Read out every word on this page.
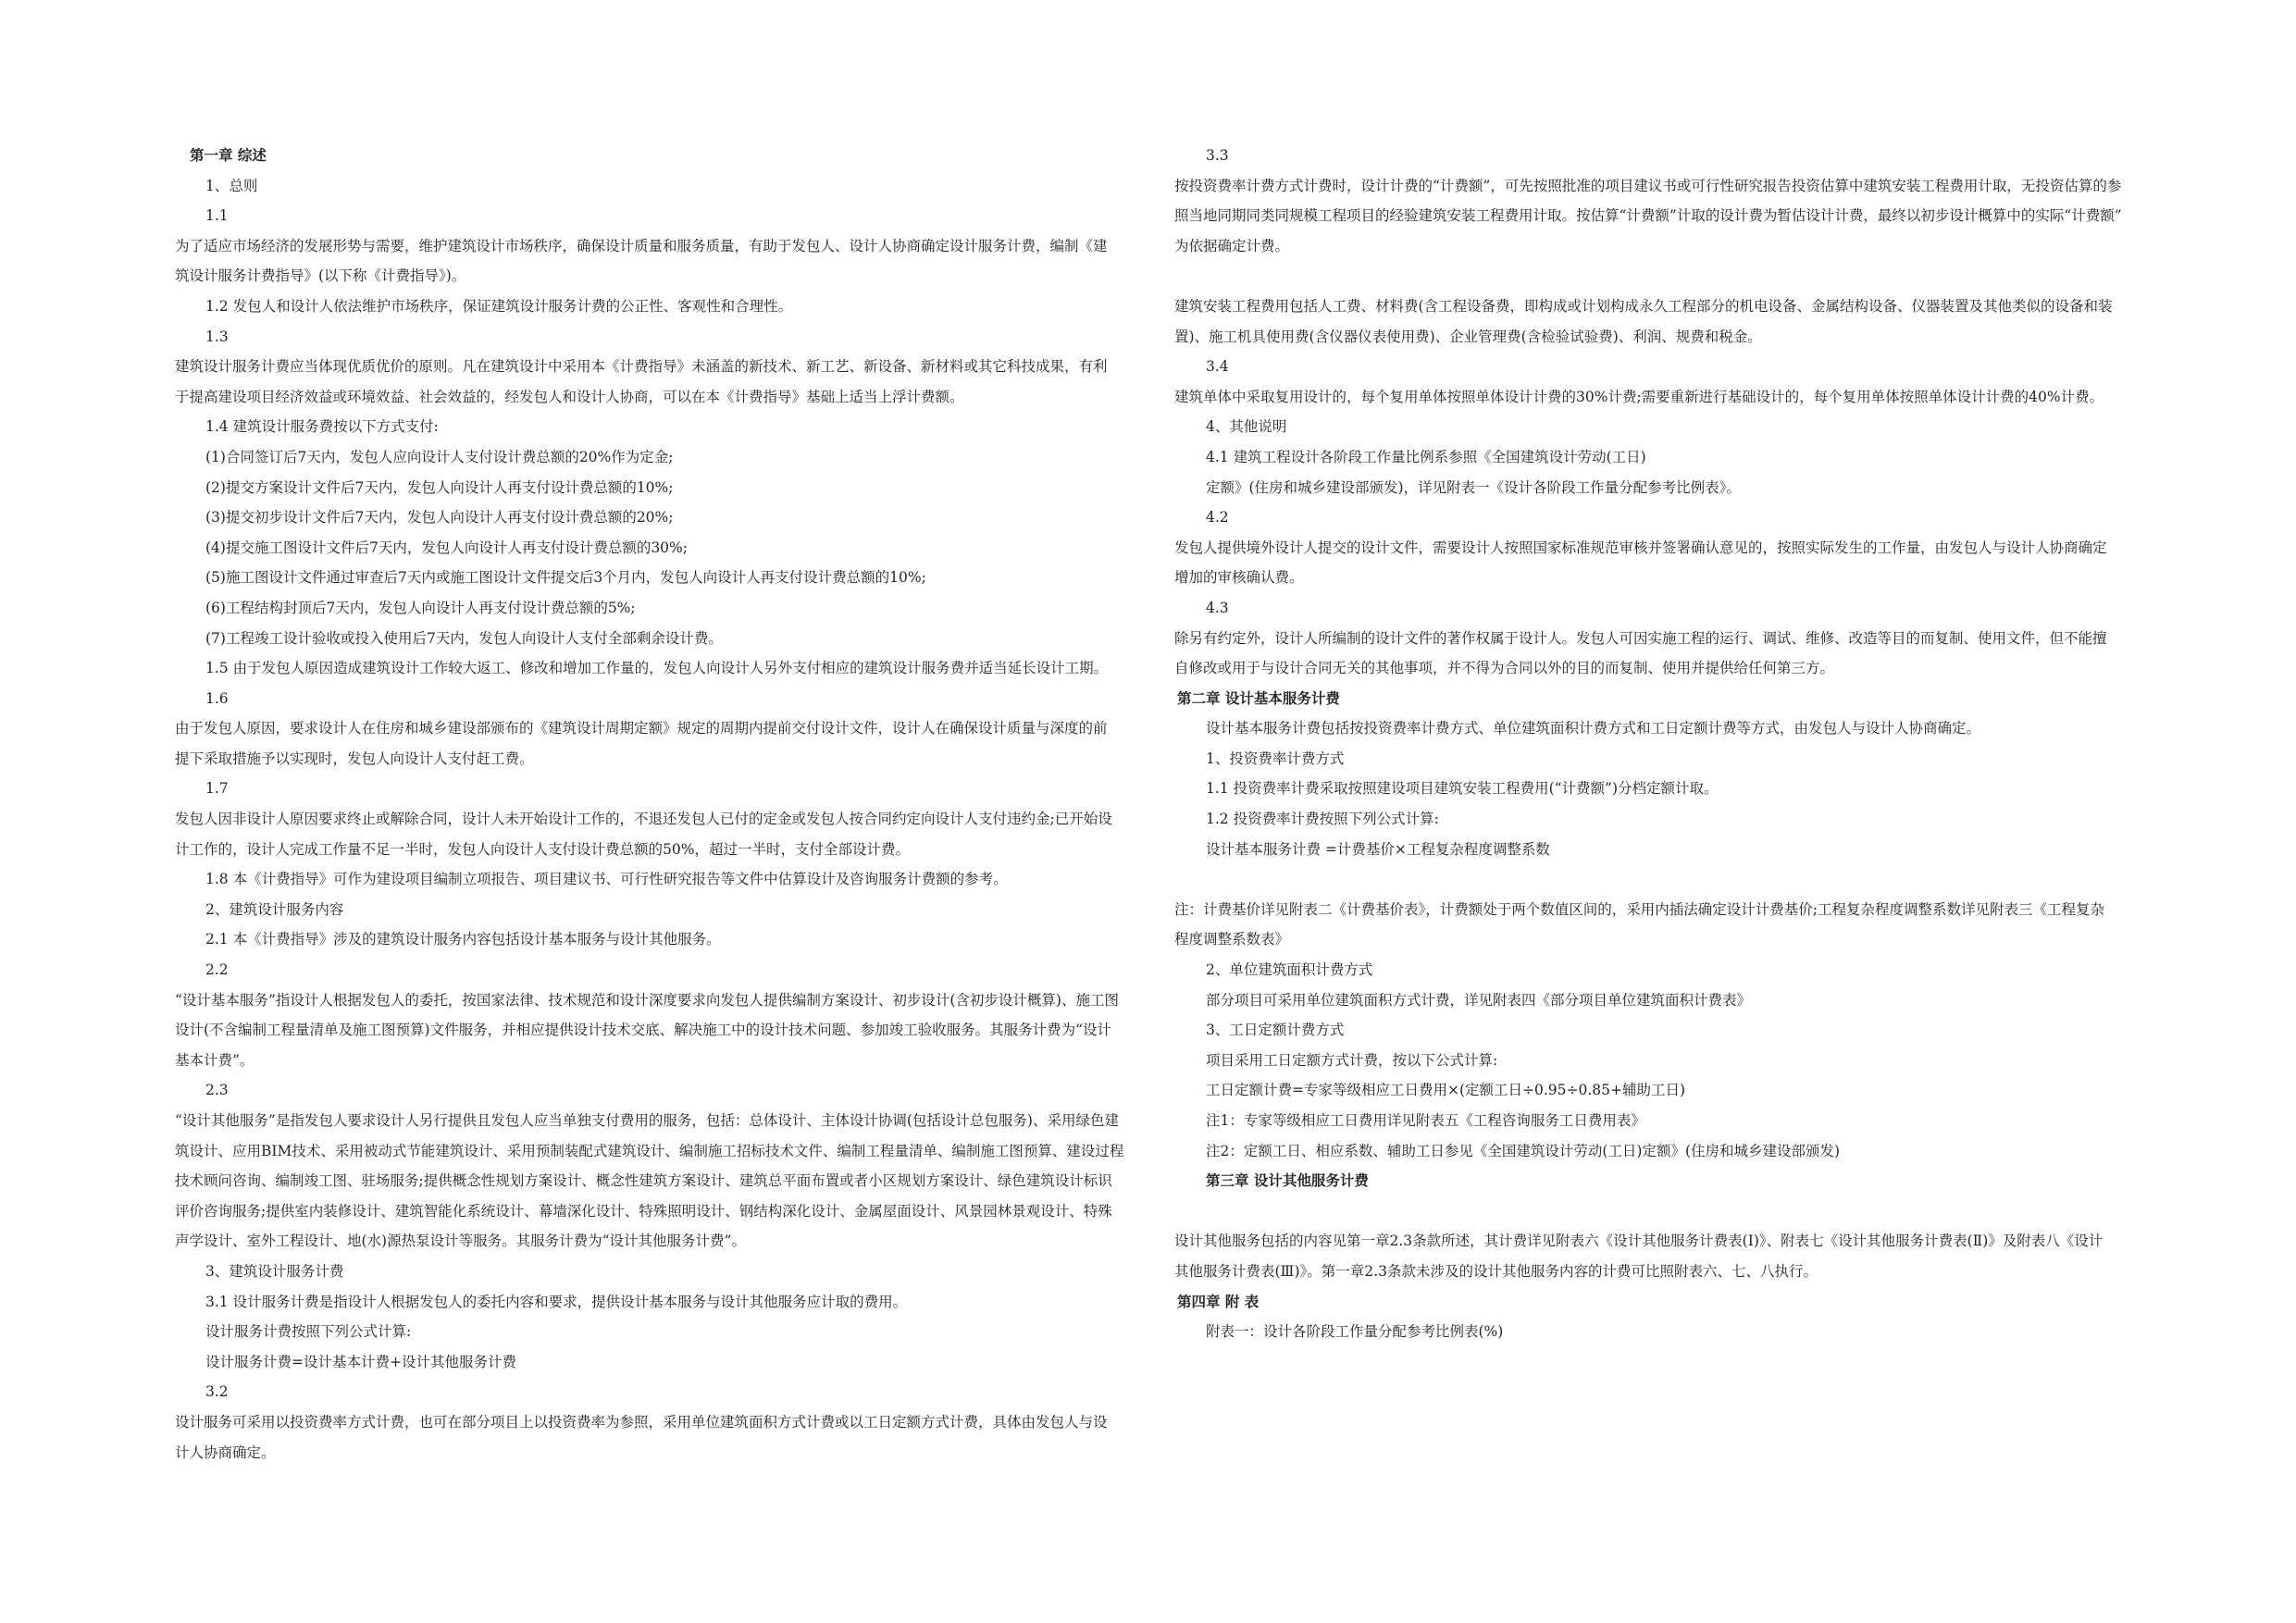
第一章 综述
1、总则
1.1
为了适应市场经济的发展形势与需要，维护建筑设计市场秩序，确保设计质量和服务质量，有助于发包人、设计人协商确定设计服务计费，编制《建
筑设计服务计费指导》(以下称《计费指导》)。
1.2 发包人和设计人依法维护市场秩序，保证建筑设计服务计费的公正性、客观性和合理性。
1.3
建筑设计服务计费应当体现优质优价的原则。凡在建筑设计中采用本《计费指导》未涵盖的新技术、新工艺、新设备、新材料或其它科技成果，有利
于提高建设项目经济效益或环境效益、社会效益的，经发包人和设计人协商，可以在本《计费指导》基础上适当上浮计费额。
1.4 建筑设计服务费按以下方式支付:
(1)合同签订后7天内，发包人应向设计人支付设计费总额的20%作为定金;
(2)提交方案设计文件后7天内，发包人向设计人再支付设计费总额的10%;
(3)提交初步设计文件后7天内，发包人向设计人再支付设计费总额的20%;
(4)提交施工图设计文件后7天内，发包人向设计人再支付设计费总额的30%;
(5)施工图设计文件通过审查后7天内或施工图设计文件提交后3个月内，发包人向设计人再支付设计费总额的10%;
(6)工程结构封顶后7天内，发包人向设计人再支付设计费总额的5%;
(7)工程竣工设计验收或投入使用后7天内，发包人向设计人支付全部剩余设计费。
1.5 由于发包人原因造成建筑设计工作较大返工、修改和增加工作量的，发包人向设计人另外支付相应的建筑设计服务费并适当延长设计工期。
1.6
由于发包人原因，要求设计人在住房和城乡建设部颁布的《建筑设计周期定额》规定的周期内提前交付设计文件，设计人在确保设计质量与深度的前
提下采取措施予以实现时，发包人向设计人支付赶工费。
1.7
发包人因非设计人原因要求终止或解除合同，设计人未开始设计工作的，不退还发包人已付的定金或发包人按合同约定向设计人支付违约金;已开始设
计工作的，设计人完成工作量不足一半时，发包人向设计人支付设计费总额的50%，超过一半时，支付全部设计费。
1.8 本《计费指导》可作为建设项目编制立项报告、项目建议书、可行性研究报告等文件中估算设计及咨询服务计费额的参考。
2、建筑设计服务内容
2.1 本《计费指导》涉及的建筑设计服务内容包括设计基本服务与设计其他服务。
2.2
“设计基本服务”指设计人根据发包人的委托，按国家法律、技术规范和设计深度要求向发包人提供编制方案设计、初步设计(含初步设计概算)、施工图
设计(不含编制工程量清单及施工图预算)文件服务，并相应提供设计技术交底、解决施工中的设计技术问题、参加竣工验收服务。其服务计费为“设计
基本计费”。
2.3
“设计其他服务”是指发包人要求设计人另行提供且发包人应当单独支付费用的服务，包括：总体设计、主体设计协调(包括设计总包服务)、采用绿色建
筑设计、应用BIM技术、采用被动式节能建筑设计、采用预制装配式建筑设计、编制施工招标技术文件、编制工程量清单、编制施工图预算、建设过程
技术顾问咨询、编制竣工图、驻场服务;提供概念性规划方案设计、概念性建筑方案设计、建筑总平面布置或者小区规划方案设计、绿色建筑设计标识
评价咨询服务;提供室内装修设计、建筑智能化系统设计、幕墙深化设计、特殊照明设计、钢结构深化设计、金属屋面设计、风景园林景观设计、特殊
声学设计、室外工程设计、地(水)源热泵设计等服务。其服务计费为“设计其他服务计费”。
3、建筑设计服务计费
3.1 设计服务计费是指设计人根据发包人的委托内容和要求，提供设计基本服务与设计其他服务应计取的费用。
设计服务计费按照下列公式计算:
设计服务计费=设计基本计费+设计其他服务计费
3.2
设计服务可采用以投资费率方式计费，也可在部分项目上以投资费率为参照，采用单位建筑面积方式计费或以工日定额方式计费，具体由发包人与设
计人协商确定。
3.3
按投资费率计费方式计费时，设计计费的“计费额”，可先按照批准的项目建议书或可行性研究报告投资估算中建筑安装工程费用计取，无投资估算的参
照当地同期同类同规模工程项目的经验建筑安装工程费用计取。按估算“计费额”计取的设计费为暂估设计计费，最终以初步设计概算中的实际“计费额”
为依据确定计费。
建筑安装工程费用包括人工费、材料费(含工程设备费，即构成或计划构成永久工程部分的机电设备、金属结构设备、仪器装置及其他类似的设备和装
置)、施工机具使用费(含仪器仪表使用费)、企业管理费(含检验试验费)、利润、规费和税金。
3.4
建筑单体中采取复用设计的，每个复用单体按照单体设计计费的30%计费;需要重新进行基础设计的，每个复用单体按照单体设计计费的40%计费。
4、其他说明
4.1 建筑工程设计各阶段工作量比例系参照《全国建筑设计劳动(工日)
定额》(住房和城乡建设部颁发)，详见附表一《设计各阶段工作量分配参考比例表》。
4.2
发包人提供境外设计人提交的设计文件，需要设计人按照国家标准规范审核并签署确认意见的，按照实际发生的工作量，由发包人与设计人协商确定
增加的审核确认费。
4.3
除另有约定外，设计人所编制的设计文件的著作权属于设计人。发包人可因实施工程的运行、调试、维修、改造等目的而复制、使用文件，但不能擅
自修改或用于与设计合同无关的其他事项，并不得为合同以外的目的而复制、使用并提供给任何第三方。
第二章 设计基本服务计费
设计基本服务计费包括按投资费率计费方式、单位建筑面积计费方式和工日定额计费等方式，由发包人与设计人协商确定。
1、投资费率计费方式
1.1 投资费率计费采取按照建设项目建筑安装工程费用(“计费额”)分档定额计取。
1.2 投资费率计费按照下列公式计算:
设计基本服务计费 =计费基价×工程复杂程度调整系数
注：计费基价详见附表二《计费基价表》，计费额处于两个数值区间的，采用内插法确定设计计费基价;工程复杂程度调整系数详见附表三《工程复杂
程度调整系数表》
2、单位建筑面积计费方式
部分项目可采用单位建筑面积方式计费，详见附表四《部分项目单位建筑面积计费表》
3、工日定额计费方式
项目采用工日定额方式计费，按以下公式计算:
工日定额计费=专家等级相应工日费用×(定额工日÷0.95÷0.85+辅助工日)
注1：专家等级相应工日费用详见附表五《工程咨询服务工日费用表》
注2：定额工日、相应系数、辅助工日参见《全国建筑设计劳动(工日)定额》(住房和城乡建设部颁发)
第三章 设计其他服务计费
设计其他服务包括的内容见第一章2.3条款所述，其计费详见附表六《设计其他服务计费表(Ⅰ)》、附表七《设计其他服务计费表(Ⅱ)》及附表八《设计
其他服务计费表(Ⅲ)》。第一章2.3条款未涉及的设计其他服务内容的计费可比照附表六、七、八执行。
第四章 附 表
附表一：设计各阶段工作量分配参考比例表(%)
